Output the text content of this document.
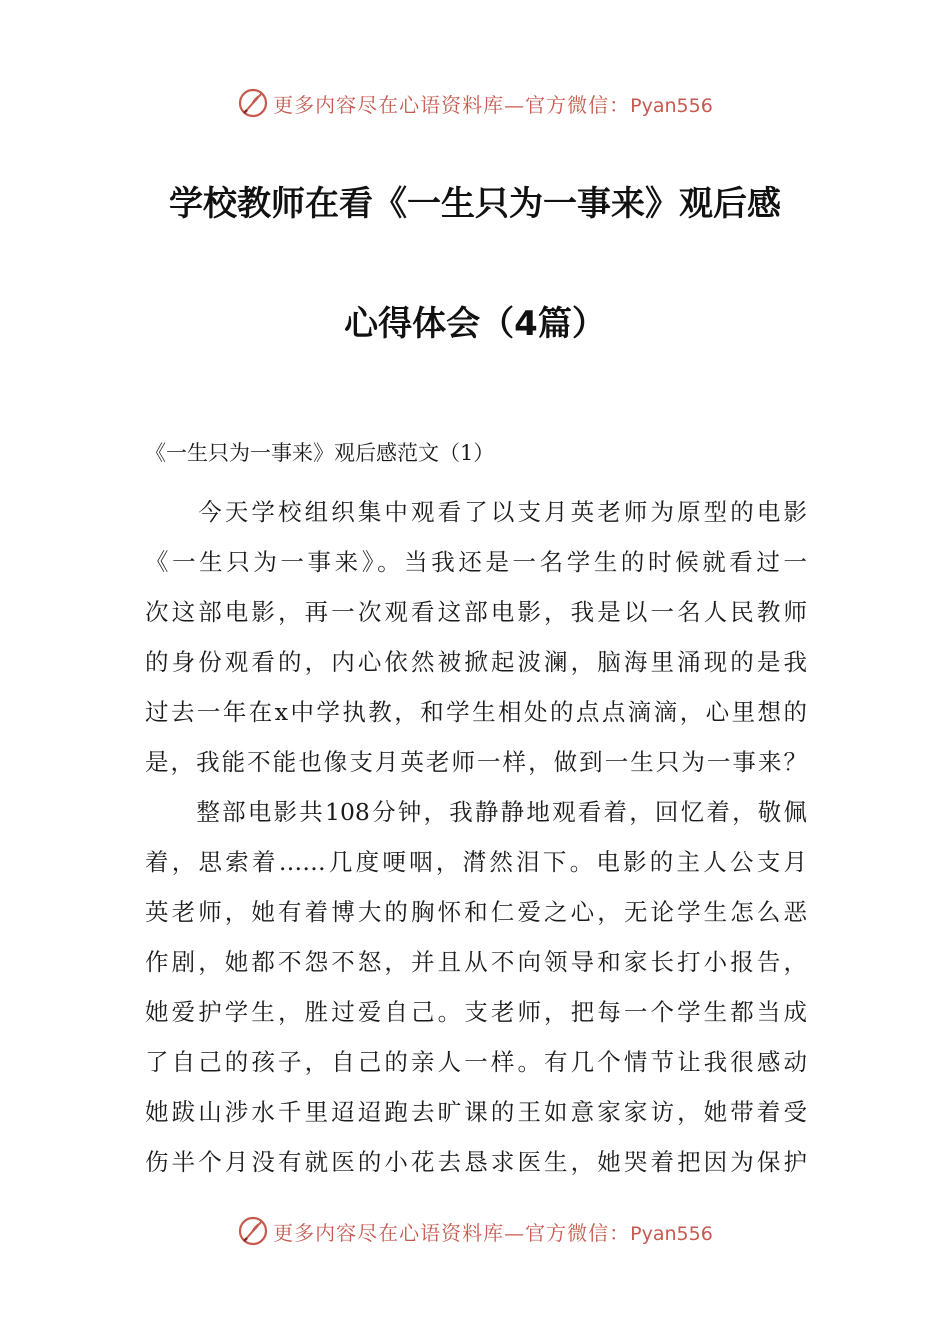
更多内容尽在心语资料库—官方微信：Pyan556
学校教师在看《一生只为一事来》观后感
心得体会（4篇）
《一生只为一事来》观后感范文（1）
　　今天学校组织集中观看了以支月英老师为原型的电影
《一生只为一事来》。当我还是一名学生的时候就看过一
次这部电影，再一次观看这部电影，我是以一名人民教师
的身份观看的，内心依然被掀起波澜，脑海里涌现的是我
过去一年在x中学执教，和学生相处的点点滴滴，心里想的
是，我能不能也像支月英老师一样，做到一生只为一事来？
　　整部电影共108分钟，我静静地观看着，回忆着，敬佩
着，思索着……几度哽咽，潸然泪下。电影的主人公支月
英老师，她有着博大的胸怀和仁爱之心，无论学生怎么恶
作剧，她都不怨不怒，并且从不向领导和家长打小报告，
她爱护学生，胜过爱自己。支老师，把每一个学生都当成
了自己的孩子，自己的亲人一样。有几个情节让我很感动
她跋山涉水千里迢迢跑去旷课的王如意家家访，她带着受
伤半个月没有就医的小花去恳求医生，她哭着把因为保护
更多内容尽在心语资料库—官方微信：Pyan556
